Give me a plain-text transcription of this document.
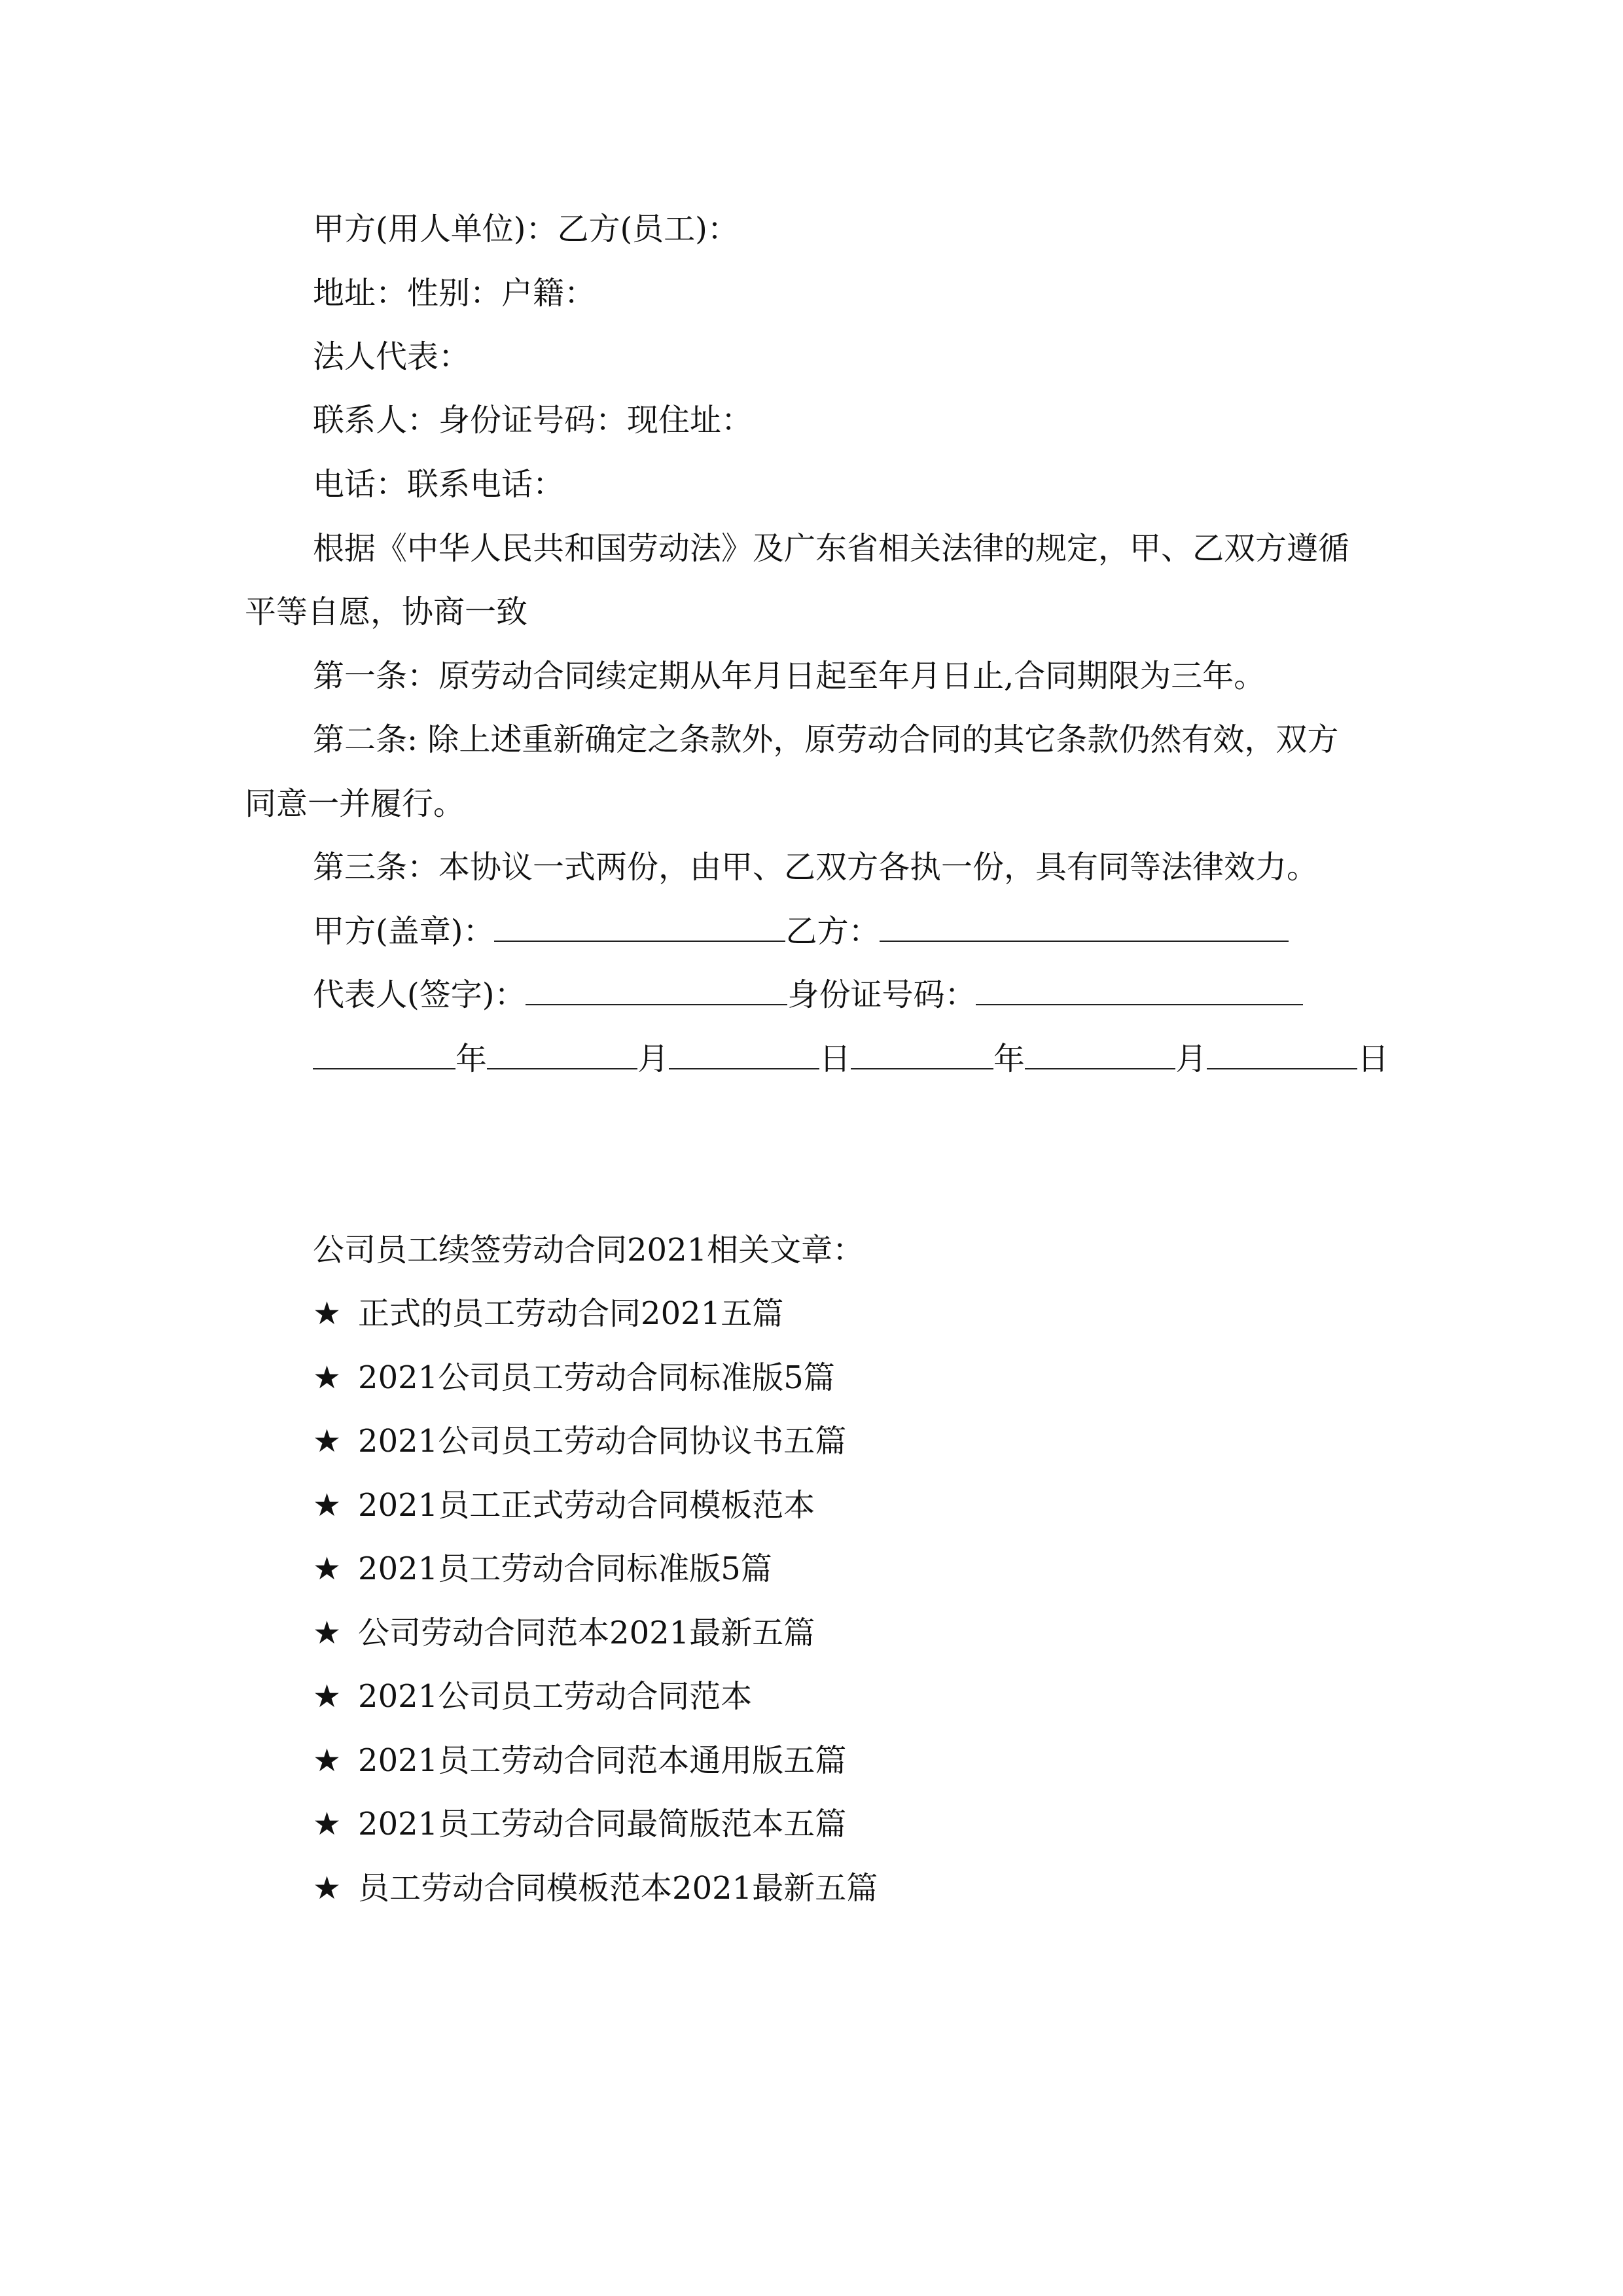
甲方(用人单位)：乙方(员工)：
地址：性别：户籍：
法人代表：
联系人：身份证号码：现住址：
电话：联系电话：
根据《中华人民共和国劳动法》及广东省相关法律的规定，甲、乙双方遵循
平等自愿，协商一致
第一条：原劳动合同续定期从年月日起至年月日止,合同期限为三年。
第二条: 除上述重新确定之条款外，原劳动合同的其它条款仍然有效，双方
同意一并履行。
第三条：本协议一式两份，由甲、乙双方各执一份，具有同等法律效力。
甲方(盖章)：	乙方：
代表人(签字)：	身份证号码：
年	月	日	年	月	日
公司员工续签劳动合同2021相关文章：
★ 正式的员工劳动合同2021五篇
★ 2021公司员工劳动合同标准版5篇
★ 2021公司员工劳动合同协议书五篇
★ 2021员工正式劳动合同模板范本
★ 2021员工劳动合同标准版5篇
★ 公司劳动合同范本2021最新五篇
★ 2021公司员工劳动合同范本
★ 2021员工劳动合同范本通用版五篇
★ 2021员工劳动合同最简版范本五篇
★ 员工劳动合同模板范本2021最新五篇
